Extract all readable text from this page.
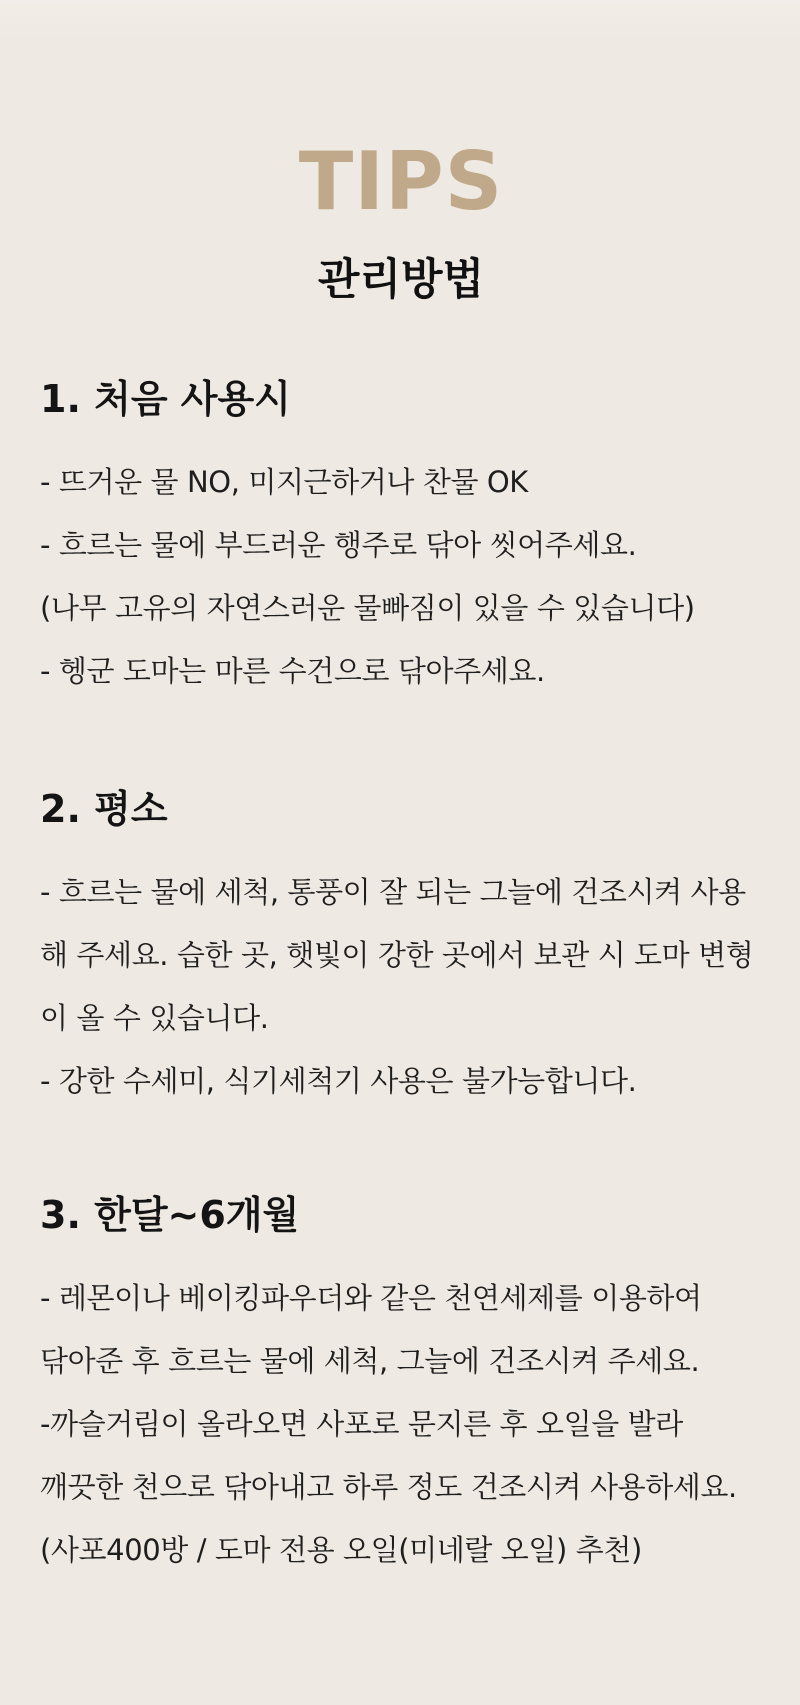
TIPS
관리방법
1. 처음 사용시

- 뜨거운 물 NO, 미지근하거나 찬물 OK

- 흐르는 물에 부드러운 행주로 닦아 씻어주세요.

(나무 고유의 자연스러운 물빠짐이 있을 수 있습니다)

- 헹군 도마는 마른 수건으로 닦아주세요.

2. 평소

- 흐르는 물에 세척, 통풍이 잘 되는 그늘에 건조시켜 사용

해 주세요. 습한 곳, 햇빛이 강한 곳에서 보관 시 도마 변형

이 올 수 있습니다.

- 강한 수세미, 식기세척기 사용은 불가능합니다.

3. 한달~6개월

- 레몬이나 베이킹파우더와 같은 천연세제를 이용하여

닦아준 후 흐르는 물에 세척, 그늘에 건조시켜 주세요.

-까슬거림이 올라오면 사포로 문지른 후 오일을 발라

깨끗한 천으로 닦아내고 하루 정도 건조시켜 사용하세요.

(사포400방 / 도마 전용 오일(미네랄 오일) 추천)
